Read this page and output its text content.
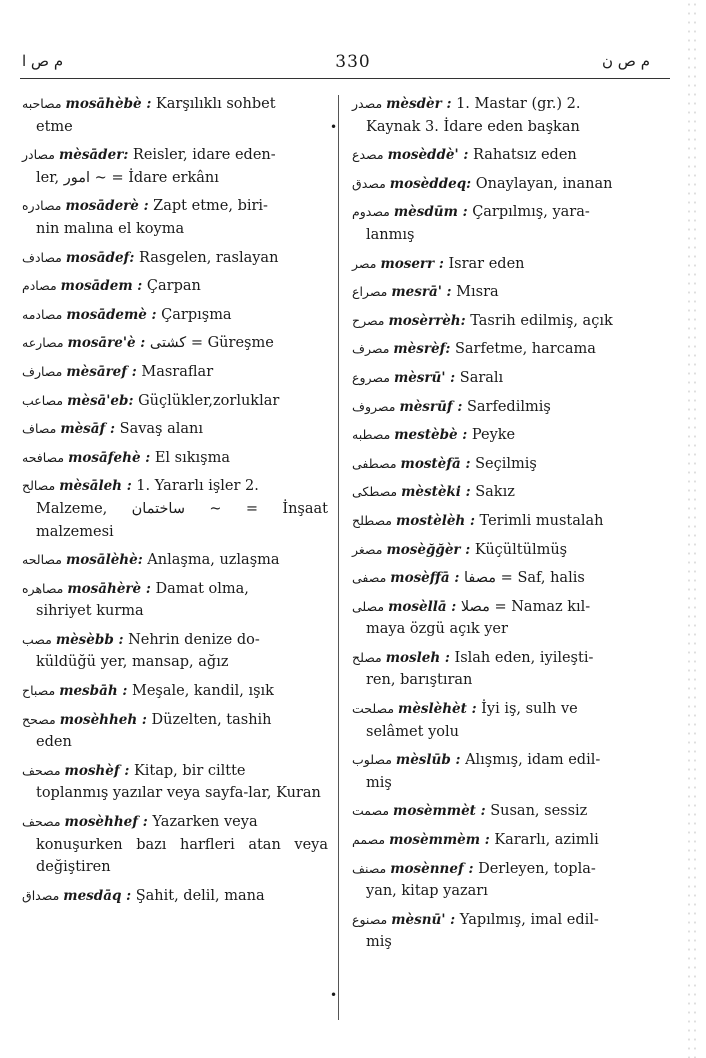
م ص ا	330	م ص ن
•
•
مصاحبه mosāhèbè : Karşılıklı sohbet
etme
مصادر mèsāder: Reisler, idare eden-
ler, امور ~ = İdare erkânı
مصادره mosāderè : Zapt etme, biri-
nin malına el koyma
مصادف mosādef: Rasgelen, raslayan
مصادم mosādem : Çarpan
مصادمه mosādemè : Çarpışma
مصارعه mosāre'è : كشتى = Güreşme
مصارف mèsāref : Masraflar
مصاعب mèsā'eb: Güçlükler,zorluklar
مصاف mèsāf : Savaş alanı
مصافحه mosāfehè : El sıkışma
مصالح mèsāleh : 1. Yararlı işler 2.
Malzeme, ساختمان ~ = İnşaat malzemesi
مصالحه mosālèhè: Anlaşma, uzlaşma
مصاهره mosāhèrè : Damat olma,
sihriyet kurma
مصب mèsèbb : Nehrin denize do-
küldüğü yer, mansap, ağız
مصباح mesbāh : Meşale, kandil, ışık
مصحح mosèhheh : Düzelten, tashih
eden
مصحف moshèf : Kitap, bir ciltte
toplanmış yazılar veya sayfa-lar, Kuran
مصحف mosèhhef : Yazarken veya
konuşurken bazı harfleri atan veya değiştiren
مصداق mesdāq : Şahit, delil, mana
مصدر mèsdèr : 1. Mastar (gr.) 2.
Kaynak 3. İdare eden başkan
مصدع mosèddè' : Rahatsız eden
مصدق mosèddeq: Onaylayan, inanan
مصدوم mèsdūm : Çarpılmış, yara-
lanmış
مصر moserr : Israr eden
مصراع mesrā' : Mısra
مصرح mosèrrèh: Tasrih edilmiş, açık
مصرف mèsrèf: Sarfetme, harcama
مصروع mèsrū' : Saralı
مصروف mèsrūf : Sarfedilmiş
مصطبه mestèbè : Peyke
مصطفى mostèfā : Seçilmiş
مصطكى mèstèki : Sakız
مصطلح mostèlèh : Terimli mustalah
مصغر mosèğğèr : Küçültülmüş
مصفى mosèffā : مصفا = Saf, halis
مصلى mosèllā : مصلا = Namaz kıl-
maya özgü açık yer
مصلح mosleh : Islah eden, iyileşti-
ren, barıştıran
مصلحت mèslèhèt : İyi iş, sulh ve
selâmet yolu
مصلوب mèslūb : Alışmış, idam edil-
miş
مصمت mosèmmèt : Susan, sessiz
مصمم mosèmmèm : Kararlı, azimli
مصنف mosènnef : Derleyen, topla-
yan, kitap yazarı
مصنوع mèsnū' : Yapılmış, imal edil-
miş
